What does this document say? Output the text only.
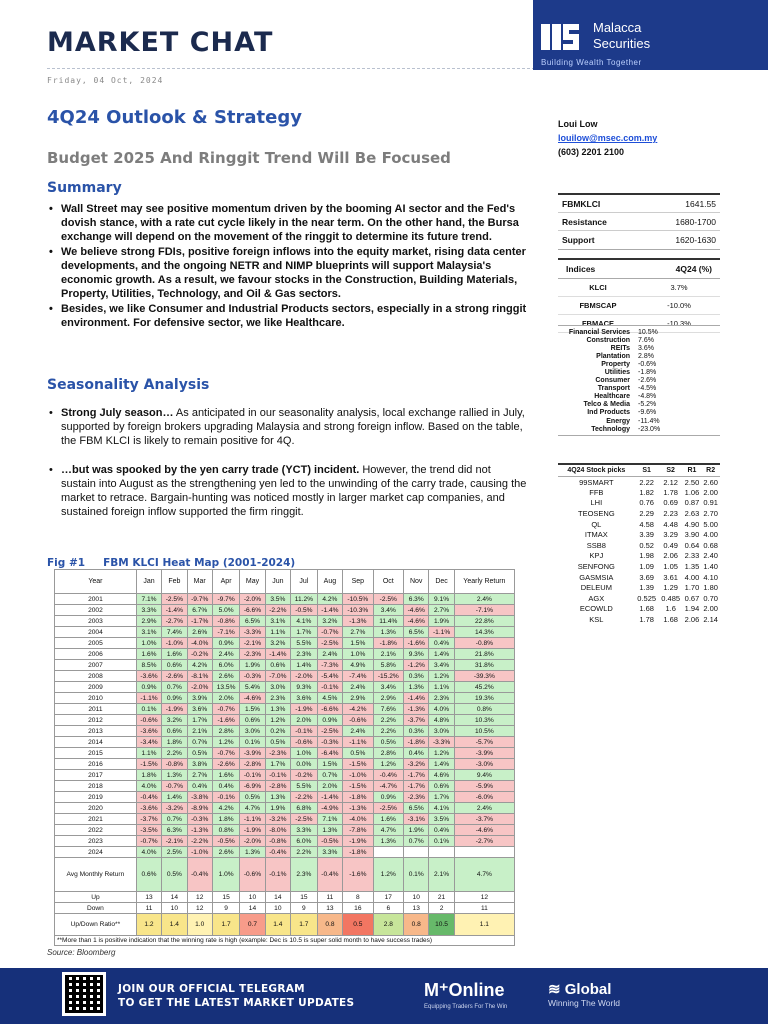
MARKET CHAT
Friday, 04 Oct, 2024
Malacca
Securities
Building Wealth Together
4Q24 Outlook & Strategy
Budget 2025 And Ringgit Trend Will Be Focused
Summary
Loui Low
louilow@msec.com.my
(603) 2201 2100
• Wall Street may see positive momentum driven by the booming AI sector and the Fed's dovish stance, with a rate cut cycle likely in the near term. On the other hand, the Bursa exchange will depend on the movement of the ringgit to determine its future trend.
• We believe strong FDIs, positive foreign inflows into the equity market, rising data center developments, and the ongoing NETR and NIMP blueprints will support Malaysia's economic growth. As a result, we favour stocks in the Construction, Building Materials, Property, Utilities, Technology, and Oil & Gas sectors.
• Besides, we like Consumer and Industrial Products sectors, especially in a strong ringgit environment. For defensive sector, we like Healthcare.
Seasonality Analysis
• Strong July season… As anticipated in our seasonality analysis, local exchange rallied in July, supported by foreign brokers upgrading Malaysia and strong foreign inflow. Based on the table, the FBM KLCI is likely to remain positive for 4Q.
• …but was spooked by the yen carry trade (YCT) incident. However, the trend did not sustain into August as the strengthening yen led to the unwinding of the carry trade, causing the market to retrace. Bargain-hunting was noticed mostly in larger market cap companies, and sustained foreign inflow supported the firm ringgit.
FBMKLCI	1641.55
Resistance	1680-1700
Support	1620-1630
Indices	4Q24 (%)
KLCI	3.7%
FBMSCAP	-10.0%
FBMACE	-10.3%
Financial Services	10.5%
Construction	7.6%
REITs	3.6%
Plantation	2.8%
Property	-0.6%
Utilities	-1.8%
Consumer	-2.6%
Transport	-4.5%
Healthcare	-4.8%
Telco & Media	-5.2%
Ind Products	-9.6%
Energy	-11.4%
Technology	-23.0%
4Q24 Stock picks	S1	S2	R1	R2
99SMART	2.22	2.12	2.50	2.60
FFB	1.82	1.78	1.06	2.00
LHI	0.76	0.69	0.87	0.91
TEOSENG	2.29	2.23	2.63	2.70
QL	4.58	4.48	4.90	5.00
ITMAX	3.39	3.29	3.90	4.00
SSB8	0.52	0.49	0.64	0.68
KPJ	1.98	2.06	2.33	2.40
SENFONG	1.09	1.05	1.35	1.40
GASMSIA	3.69	3.61	4.00	4.10
DELEUM	1.39	1.29	1.70	1.80
AGX	0.525	0.485	0.67	0.70
ECOWLD	1.68	1.6	1.94	2.00
KSL	1.78	1.68	2.06	2.14
Fig #1 FBM KLCI Heat Map (2001-2024)
Year	Jan	Feb	Mar	Apr	May	Jun	Jul	Aug	Sep	Oct	Nov	Dec	Yearly Return
2001	7.1%	-2.5%	-9.7%	-9.7%	-2.0%	3.5%	11.2%	4.2%	-10.5%	-2.5%	6.3%	9.1%	2.4%
2002	3.3%	-1.4%	6.7%	5.0%	-6.6%	-2.2%	-0.5%	-1.4%	-10.3%	3.4%	-4.6%	2.7%	-7.1%
2003	2.9%	-2.7%	-1.7%	-0.8%	6.5%	3.1%	4.1%	3.2%	-1.3%	11.4%	-4.6%	1.9%	22.8%
2004	3.1%	7.4%	2.6%	-7.1%	-3.3%	1.1%	1.7%	-0.7%	2.7%	1.3%	6.5%	-1.1%	14.3%
2005	1.0%	-1.0%	-4.0%	0.9%	-2.1%	3.2%	5.5%	-2.5%	1.5%	-1.8%	-1.6%	0.4%	-0.8%
2006	1.6%	1.6%	-0.2%	2.4%	-2.3%	-1.4%	2.3%	2.4%	1.0%	2.1%	9.3%	1.4%	21.8%
2007	8.5%	0.6%	4.2%	6.0%	1.9%	0.6%	1.4%	-7.3%	4.9%	5.8%	-1.2%	3.4%	31.8%
2008	-3.6%	-2.6%	-8.1%	2.6%	-0.3%	-7.0%	-2.0%	-5.4%	-7.4%	-15.2%	0.3%	1.2%	-39.3%
2009	0.9%	0.7%	-2.0%	13.5%	5.4%	3.0%	9.3%	-0.1%	2.4%	3.4%	1.3%	1.1%	45.2%
2010	-1.1%	0.9%	3.9%	2.0%	-4.6%	2.3%	3.6%	4.5%	2.9%	2.9%	-1.4%	2.3%	19.3%
2011	0.1%	-1.9%	3.6%	-0.7%	1.5%	1.3%	-1.9%	-6.6%	-4.2%	7.6%	-1.3%	4.0%	0.8%
2012	-0.6%	3.2%	1.7%	-1.6%	0.6%	1.2%	2.0%	0.9%	-0.6%	2.2%	-3.7%	4.8%	10.3%
2013	-3.6%	0.6%	2.1%	2.8%	3.0%	0.2%	-0.1%	-2.5%	2.4%	2.2%	0.3%	3.0%	10.5%
2014	-3.4%	1.8%	0.7%	1.2%	0.1%	0.5%	-0.6%	-0.3%	-1.1%	0.5%	-1.8%	-3.3%	-5.7%
2015	1.1%	2.2%	0.5%	-0.7%	-3.9%	-2.3%	1.0%	-6.4%	0.5%	2.8%	0.4%	1.2%	-3.9%
2016	-1.5%	-0.8%	3.8%	-2.6%	-2.8%	1.7%	0.0%	1.5%	-1.5%	1.2%	-3.2%	1.4%	-3.0%
2017	1.8%	1.3%	2.7%	1.6%	-0.1%	-0.1%	-0.2%	0.7%	-1.0%	-0.4%	-1.7%	4.6%	9.4%
2018	4.0%	-0.7%	0.4%	0.4%	-6.9%	-2.8%	5.5%	2.0%	-1.5%	-4.7%	-1.7%	0.6%	-5.9%
2019	-0.4%	1.4%	-3.8%	-0.1%	0.5%	1.3%	-2.2%	-1.4%	-1.8%	0.9%	-2.3%	1.7%	-6.0%
2020	-3.6%	-3.2%	-8.9%	4.2%	4.7%	1.9%	6.8%	-4.9%	-1.3%	-2.5%	6.5%	4.1%	2.4%
2021	-3.7%	0.7%	-0.3%	1.8%	-1.1%	-3.2%	-2.5%	7.1%	-4.0%	1.6%	-3.1%	3.5%	-3.7%
2022	-3.5%	6.3%	-1.3%	0.8%	-1.9%	-8.0%	3.3%	1.3%	-7.8%	4.7%	1.9%	0.4%	-4.6%
2023	-0.7%	-2.1%	-2.2%	-0.5%	-2.0%	-0.8%	6.0%	-0.5%	-1.9%	1.3%	0.7%	0.1%	-2.7%
2024	4.0%	2.5%	-1.0%	2.6%	1.3%	-0.4%	2.2%	3.3%	-1.8%				
Avg Monthly Return	0.6%	0.5%	-0.4%	1.0%	-0.6%	-0.1%	2.3%	-0.4%	-1.6%	1.2%	0.1%	2.1%	4.7%
Up	13	14	12	15	10	14	15	11	8	17	10	21	12
Down	11	10	12	9	14	10	9	13	16	6	13	2	11
Up/Down Ratio**	1.2	1.4	1.0	1.7	0.7	1.4	1.7	0.8	0.5	2.8	0.8	10.5	1.1
**More than 1 is positive indication that the winning rate is high (example: Dec is 10.5 is super solid month to have success trades)													
Source: Bloomberg
JOIN OUR OFFICIAL TELEGRAM
TO GET THE LATEST MARKET UPDATES
M⁺Online
Equipping Traders For The Win
≋ Global
Winning The World
